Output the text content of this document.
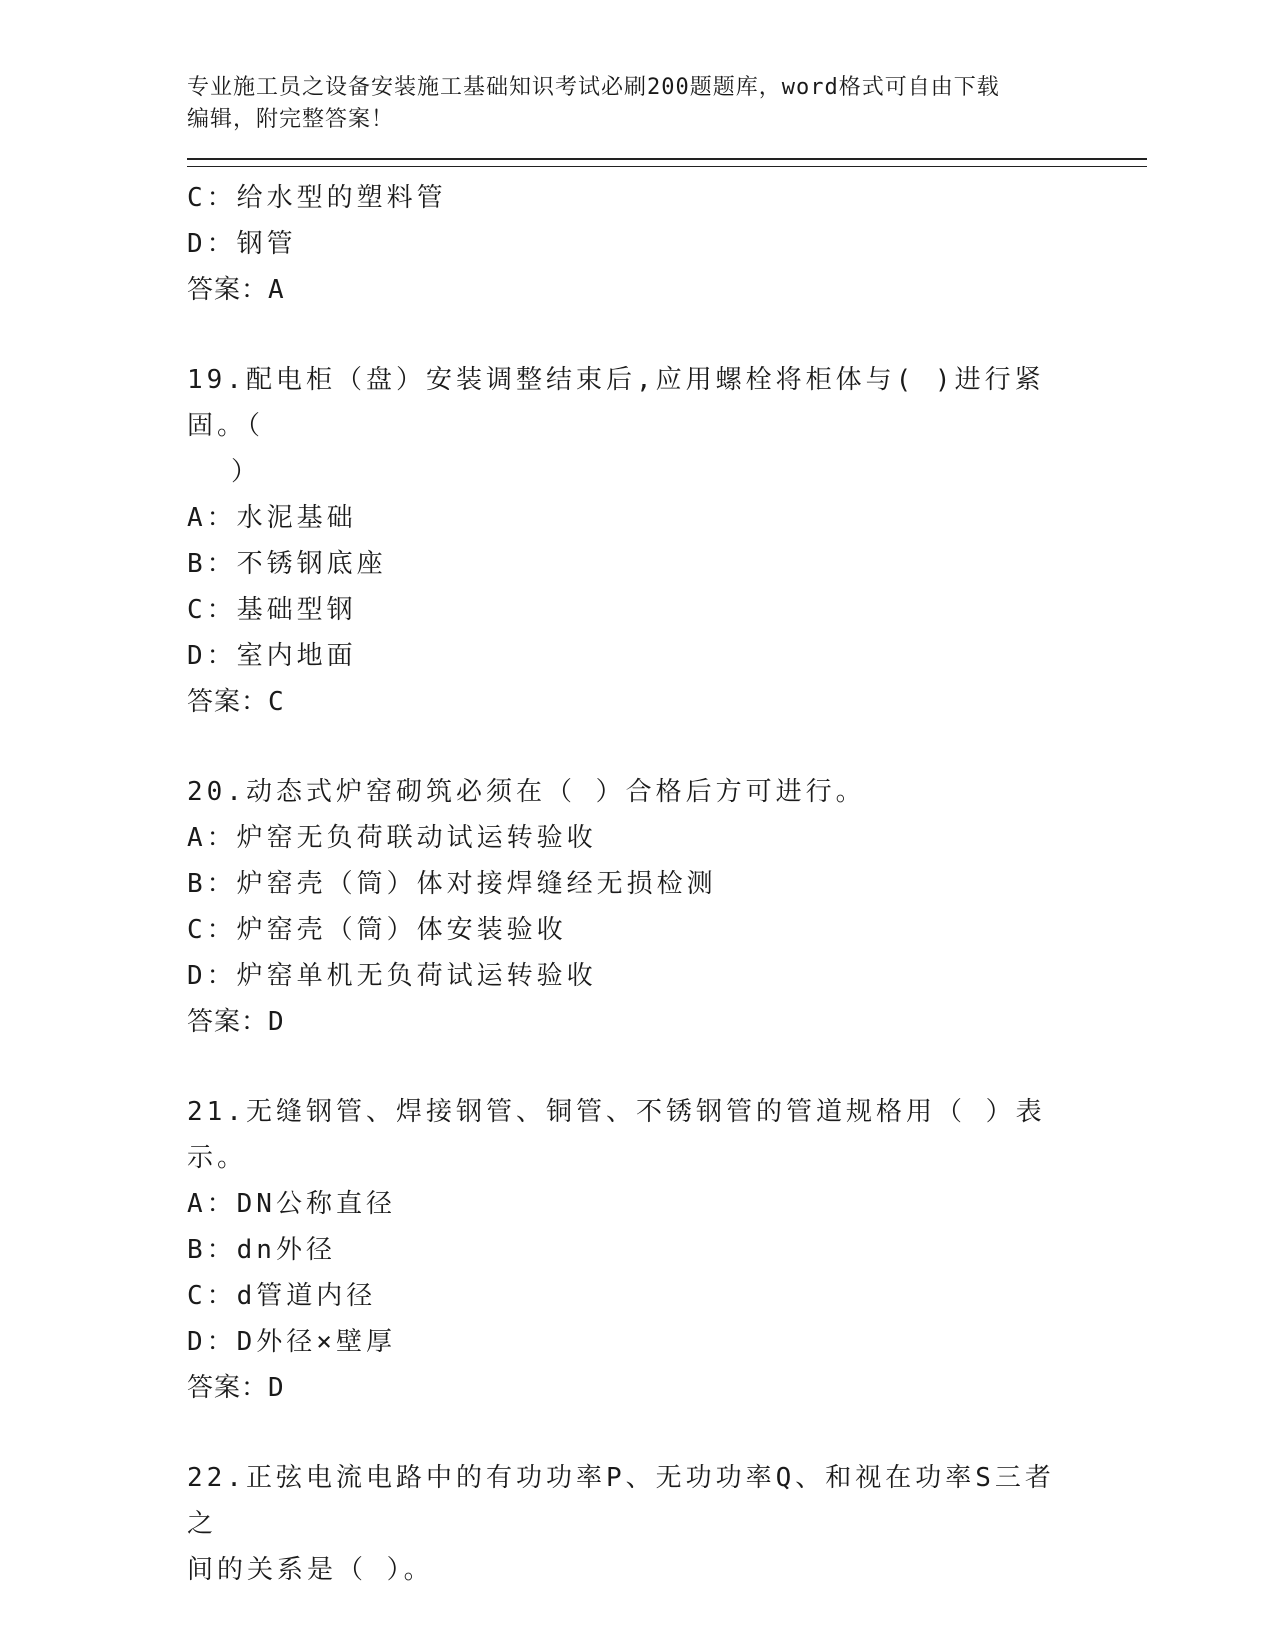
专业施工员之设备安装施工基础知识考试必刷200题题库，word格式可自由下载
编辑，附完整答案！
C：给水型的塑料管
D：钢管
答案：A
19.配电柜（盘）安装调整结束后,应用螺栓将柜体与( )进行紧固。（
）
A：水泥基础
B：不锈钢底座
C：基础型钢
D：室内地面
答案：C
20.动态式炉窑砌筑必须在（ ）合格后方可进行。
A：炉窑无负荷联动试运转验收
B：炉窑壳（筒）体对接焊缝经无损检测
C：炉窑壳（筒）体安装验收
D：炉窑单机无负荷试运转验收
答案：D
21.无缝钢管、焊接钢管、铜管、不锈钢管的管道规格用（ ）表示。
A：DN公称直径
B：dn外径
C：d管道内径
D：D外径×壁厚
答案：D
22.正弦电流电路中的有功功率P、无功功率Q、和视在功率S三者之
间的关系是（ ）。
